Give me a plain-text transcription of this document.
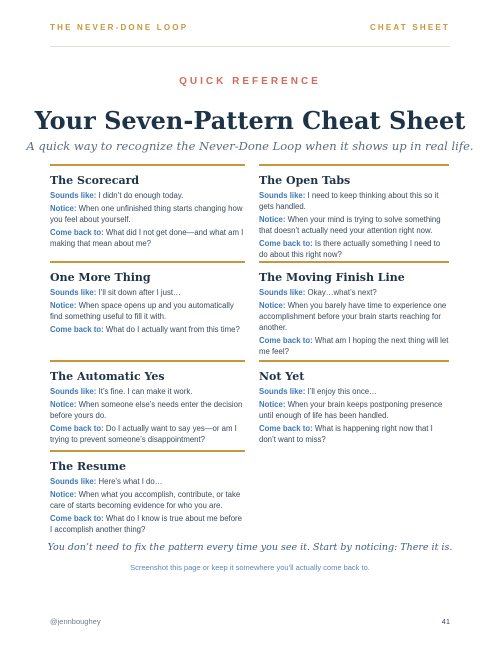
THE NEVER-DONE LOOP	CHEAT SHEET
QUICK REFERENCE
Your Seven-Pattern Cheat Sheet
A quick way to recognize the Never-Done Loop when it shows up in real life.
The Scorecard

Sounds like: I didn’t do enough today.

Notice: When one unfinished thing starts changing how you feel about yourself.

Come back to: What did I not get done—and what am I making that mean about me?

The Open Tabs

Sounds like: I need to keep thinking about this so it gets handled.

Notice: When your mind is trying to solve something that doesn’t actually need your attention right now.

Come back to: Is there actually something I need to do about this right now?

One More Thing

Sounds like: I’ll sit down after I just…

Notice: When space opens up and you automatically find something useful to fill it with.

Come back to: What do I actually want from this time?

The Moving Finish Line

Sounds like: Okay…what’s next?

Notice: When you barely have time to experience one accomplishment before your brain starts reaching for another.

Come back to: What am I hoping the next thing will let me feel?

The Automatic Yes

Sounds like: It’s fine. I can make it work.

Notice: When someone else’s needs enter the decision before yours do.

Come back to: Do I actually want to say yes—or am I trying to prevent someone’s disappointment?

Not Yet

Sounds like: I’ll enjoy this once…

Notice: When your brain keeps postponing presence until enough of life has been handled.

Come back to: What is happening right now that I don’t want to miss?

The Resume

Sounds like: Here’s what I do…

Notice: When what you accomplish, contribute, or take care of starts becoming evidence for who you are.

Come back to: What do I know is true about me before I accomplish another thing?

You don’t need to fix the pattern every time you see it. Start by noticing: There it is.
Screenshot this page or keep it somewhere you’ll actually come back to.
@jennboughey	41
